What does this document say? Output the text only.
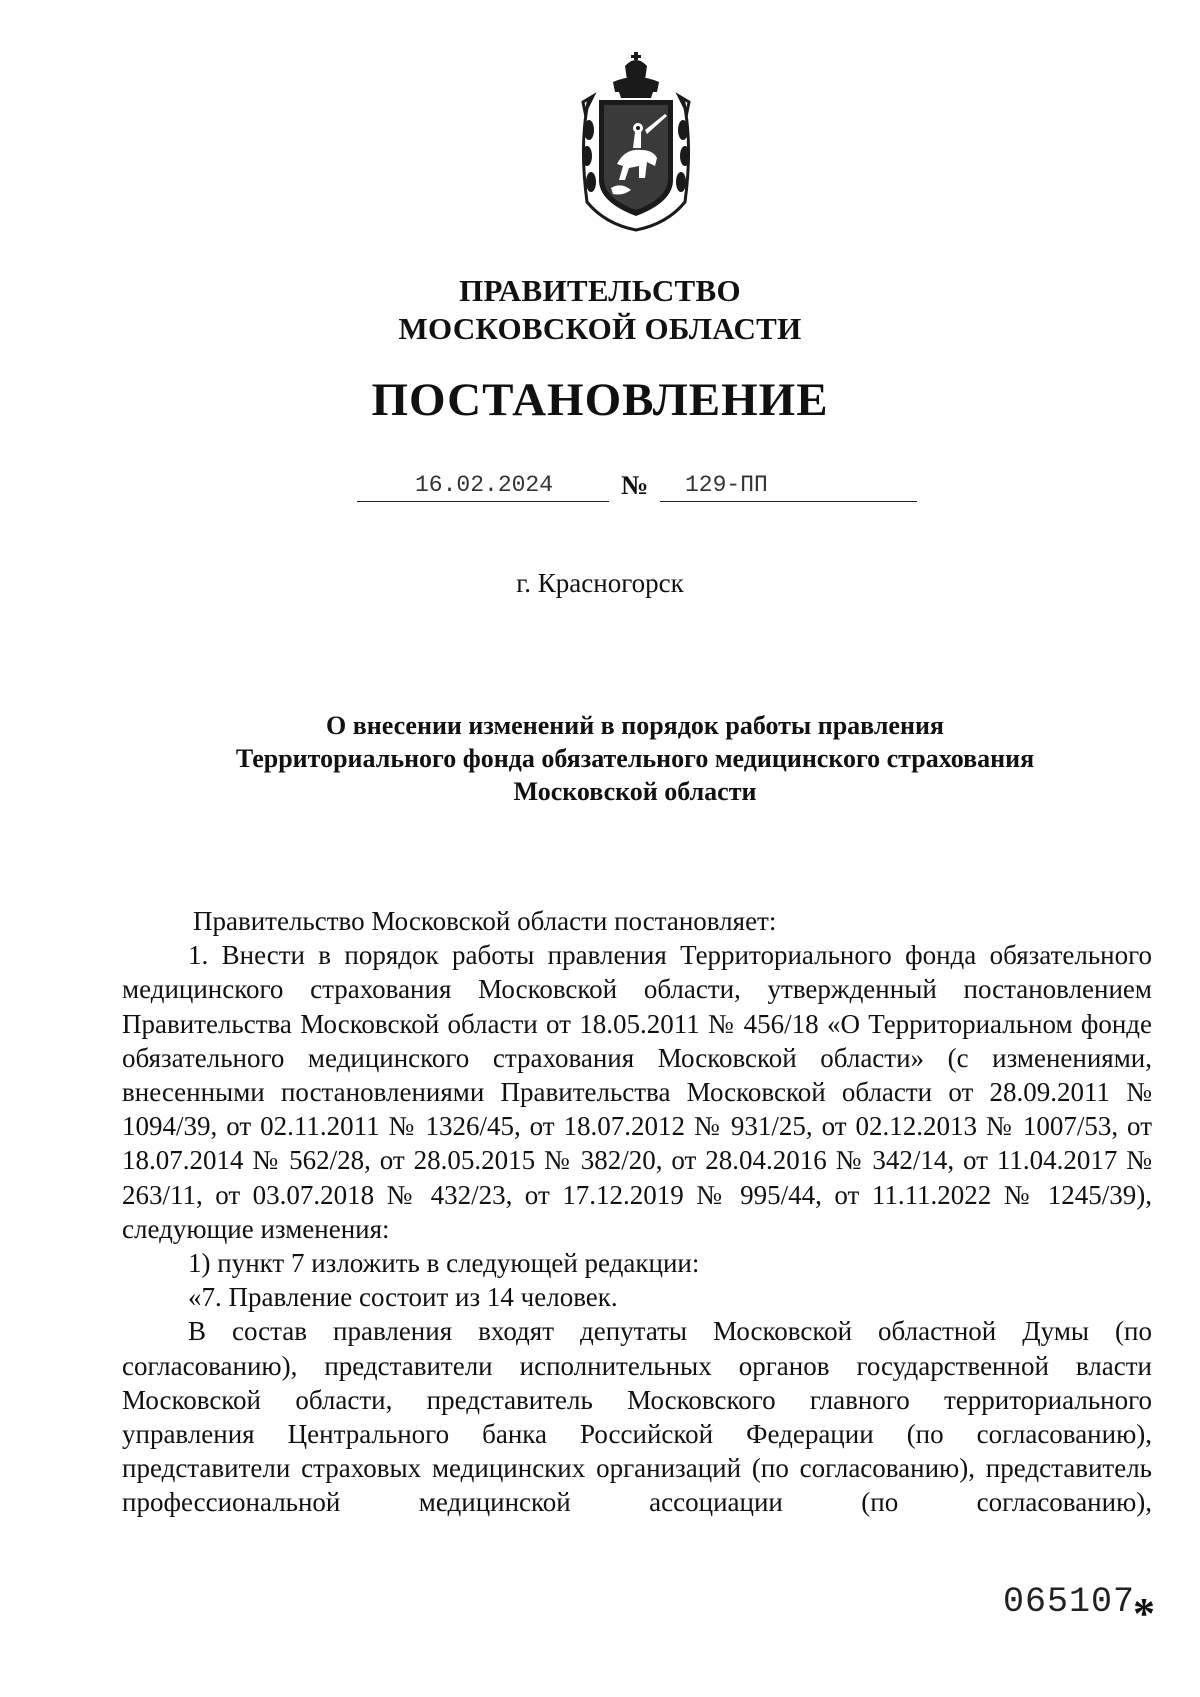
ПРАВИТЕЛЬСТВО
МОСКОВСКОЙ ОБЛАСТИ
ПОСТАНОВЛЕНИЕ
16.02.2024	№ 129-ПП
г. Красногорск
О внесении изменений в порядок работы правления
Территориального фонда обязательного медицинского страхования
Московской области

Правительство Московской области постановляет:

1. Внести в порядок работы правления Территориального фонда обязательного медицинского страхования Московской области, утвержденный постановлением Правительства Московской области от 18.05.2011 № 456/18 «О Территориальном фонде обязательного медицинского страхования Московской области» (с изменениями, внесенными постановлениями Правительства Московской области от 28.09.2011 № 1094/39, от 02.11.2011 № 1326/45, от 18.07.2012 № 931/25, от 02.12.2013 № 1007/53, от 18.07.2014 № 562/28, от 28.05.2015 № 382/20, от 28.04.2016 № 342/14, от 11.04.2017 № 263/11, от 03.07.2018 № 432/23, от 17.12.2019 № 995/44, от 11.11.2022 № 1245/39), следующие изменения:

1) пункт 7 изложить в следующей редакции:

«7. Правление состоит из 14 человек.

В состав правления входят депутаты Московской областной Думы (по согласованию), представители исполнительных органов государственной власти Московской области, представитель Московского главного территориального управления Центрального банка Российской Федерации (по согласованию), представители страховых медицинских организаций (по согласованию), представитель профессиональной медицинской ассоциации (по согласованию),

065107
*
